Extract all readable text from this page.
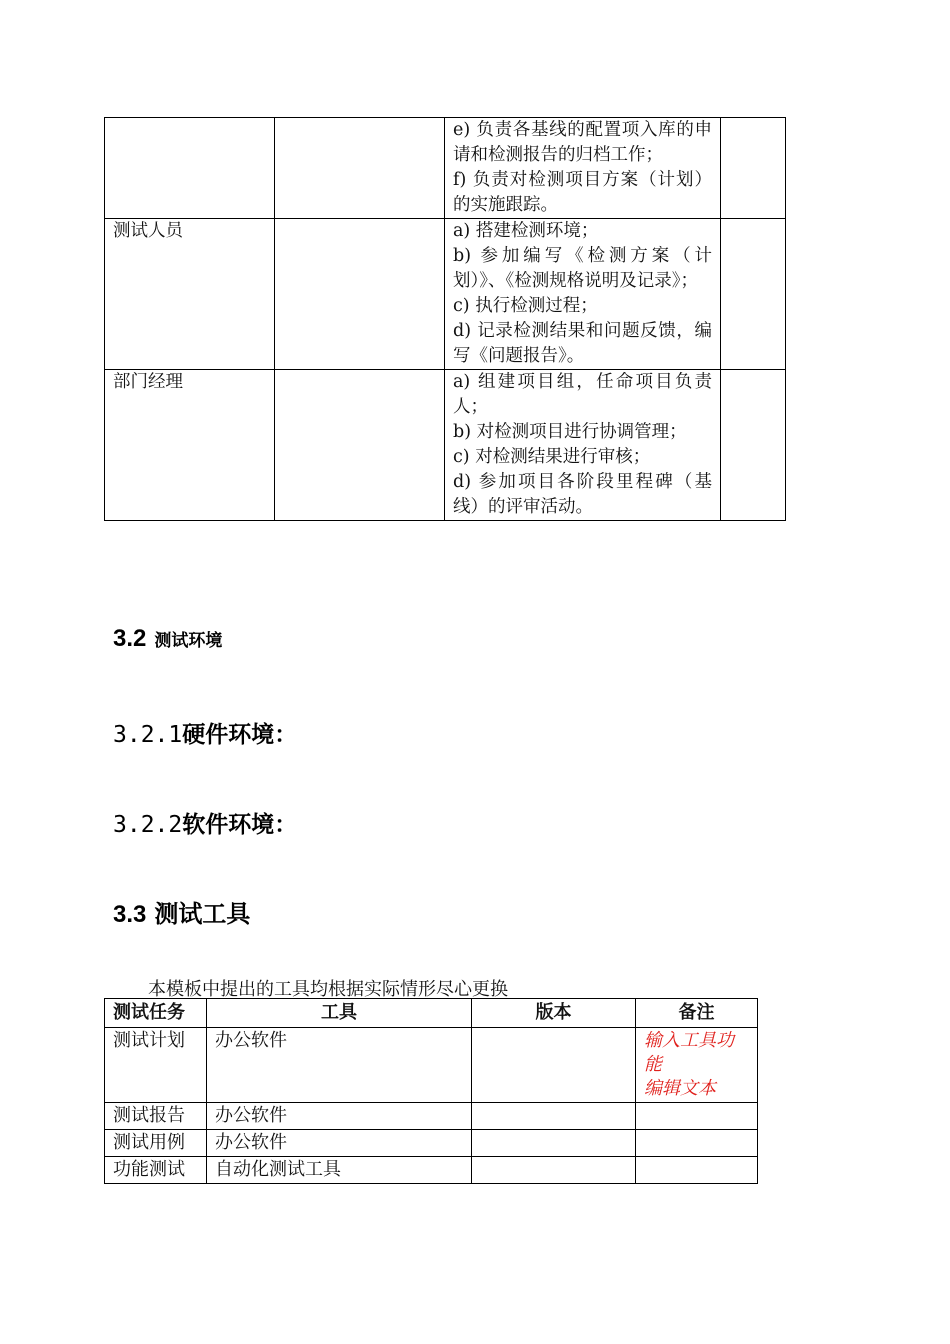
		e) 负责各基线的配置项入库的申请和检测报告的归档工作；
f) 负责对检测项目方案（计划）的实施跟踪。	

测试人员		a) 搭建检测环境；
b) 参加编写《检测方案（计划）》、《检测规格说明及记录》；
c) 执行检测过程；
d) 记录检测结果和问题反馈，编写《问题报告》。	

部门经理		a) 组建项目组，任命项目负责人；
b) 对检测项目进行协调管理；
c) 对检测结果进行审核；
d) 参加项目各阶段里程碑（基线）的评审活动。	

3.2 测试环境
3.2.1硬件环境：
3.2.2软件环境：
3.3 测试工具
本模板中提出的工具均根据实际情形尽心更换
测试任务	工具	版本	备注
测试计划	办公软件		输入工具功能
编辑文本

测试报告	办公软件		
测试用例	办公软件		
功能测试	自动化测试工具		
